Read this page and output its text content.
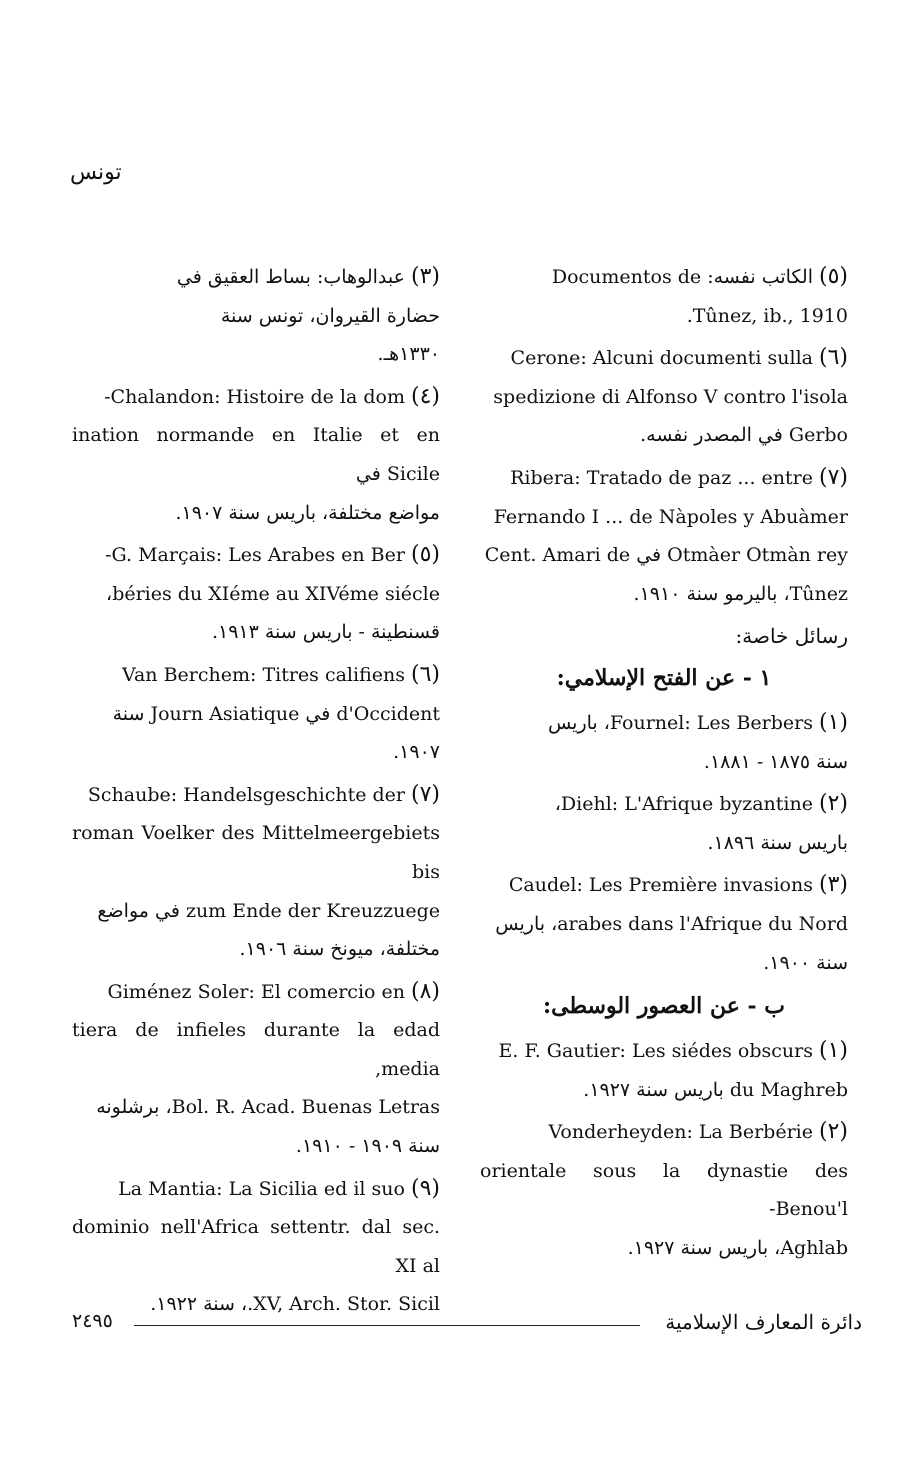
تونس

(٥)الكاتب نفسه: Documentos de

Tûnez, ib., 1910.

(٦)Cerone: Alcuni documenti sulla

spedizione di Alfonso V contro l'isola

Gerbo في المصدر نفسه.

(٧)Ribera: Tratado de paz ... entre

Fernando I ... de Nàpoles y Abuàmer

Otmàer Otmàn rey في Cent. Amari de

Tûnez، باليرمو سنة ١٩١٠.

رسائل خاصة:

١ - عن الفتح الإسلامي:

(١)Fournel: Les Berbers، باريس

سنة ١٨٧٥ - ١٨٨١.

(٢)Diehl: L'Afrique byzantine،

باريس سنة ١٨٩٦.

(٣)Caudel: Les Première invasions

arabes dans l'Afrique du Nord، باريس

سنة ١٩٠٠.

ب - عن العصور الوسطى:

(١)E. F. Gautier: Les siédes obscurs

du Maghreb باريس سنة ١٩٢٧.

(٢)Vonderheyden: La Berbérie

orientale sous la dynastie des Benou'l-

Aghlab، باريس سنة ١٩٢٧.

(٣)عبدالوهاب: بساط العقيق في

حضارة القيروان، تونس سنة

١٣٣٠هـ.

(٤)Chalandon: Histoire de la dom-

ination normande en Italie et en Sicile في

مواضع مختلفة، باريس سنة ١٩٠٧.

(٥)G. Marçais: Les Arabes en Ber-

béries du XIéme au XIVéme siécle،

قسنطينة - باريس سنة ١٩١٣.

(٦)Van Berchem: Titres califiens

d'Occident في Journ Asiatique سنة

١٩٠٧.

(٧)Schaube: Handelsgeschichte der

roman Voelker des Mittelmeergebiets bis

zum Ende der Kreuzzuege في مواضع

مختلفة، ميونخ سنة ١٩٠٦.

(٨)Giménez Soler: El comercio en

tiera de infieles durante la edad media,

Bol. R. Acad. Buenas Letras، برشلونه

سنة ١٩٠٩ - ١٩١٠.

(٩)La Mantia: La Sicilia ed il suo

dominio nell'Africa settentr. dal sec. XI al

XV, Arch. Stor. Sicil.، سنة ١٩٢٢.

٢٤٩٥	دائرة المعارف الإسلامية
